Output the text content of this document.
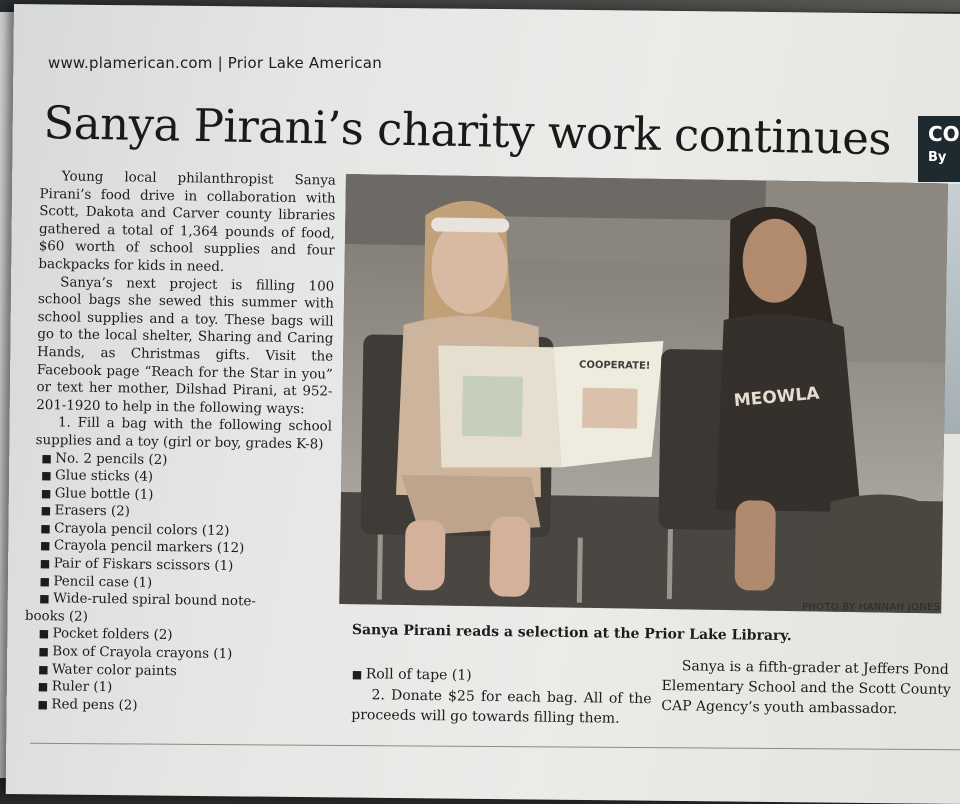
www.plamerican.com | Prior Lake American
Sanya Pirani’s charity work continues	CO
By

Young local philanthropist Sanya Pirani’s food drive in collaboration with Scott, Dakota and Carver county libraries gathered a total of 1,364 pounds of food, $60 worth of school supplies and four backpacks for kids in need.

Sanya’s next project is filling 100 school bags she sewed this summer with school supplies and a toy. These bags will go to the local shelter, Sharing and Caring Hands, as Christmas gifts. Visit the Facebook page “Reach for the Star in you” or text her mother, Dilshad Pirani, at 952-201-1920 to help in the following ways:

1. Fill a bag with the following school supplies and a toy (girl or boy, grades K-8)

■ No. 2 pencils (2)
■ Glue sticks (4)
■ Glue bottle (1)
■ Erasers (2)
■ Crayola pencil colors (12)
■ Crayola pencil markers (12)
■ Pair of Fiskars scissors (1)
■ Pencil case (1)
■ Wide-ruled spiral bound note-

books (2)

■ Pocket folders (2)
■ Box of Crayola crayons (1)
■ Water color paints
■ Ruler (1)
■ Red pens (2)
COOPERATE!
MEOWLA
PHOTO BY HANNAH JONES
Sanya Pirani reads a selection at the Prior Lake Library.
■ Roll of tape (1)

2. Donate $25 for each bag. All of the proceeds will go towards filling them.

Sanya is a fifth-grader at Jeffers Pond Elementary School and the Scott County CAP Agency’s youth ambassador.
